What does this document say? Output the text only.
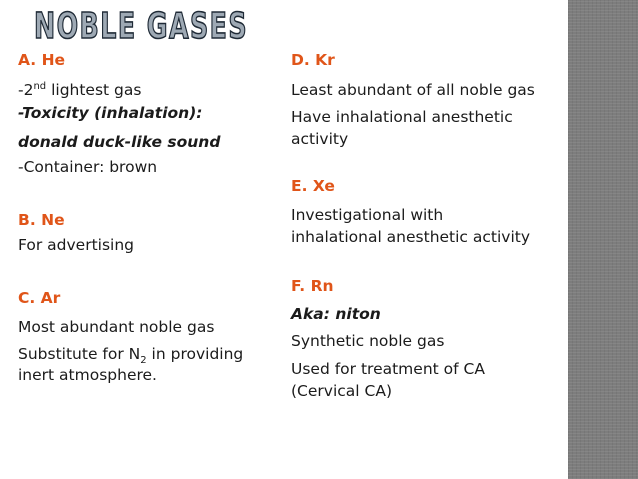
NOBLE GASES
A. He
-2nd lightest gas
-Toxicity (inhalation):
donald duck-like sound
-Container: brown
B. Ne
For advertising
C. Ar
Most abundant noble gas
Substitute for $N_2$ in providing
inert atmosphere.
D. Kr
Least abundant of all noble gas
Have inhalational anesthetic
activity
E. Xe
Investigational with
inhalational anesthetic activity
F. Rn
Aka: niton
Synthetic noble gas
Used for treatment of CA
(Cervical CA)
